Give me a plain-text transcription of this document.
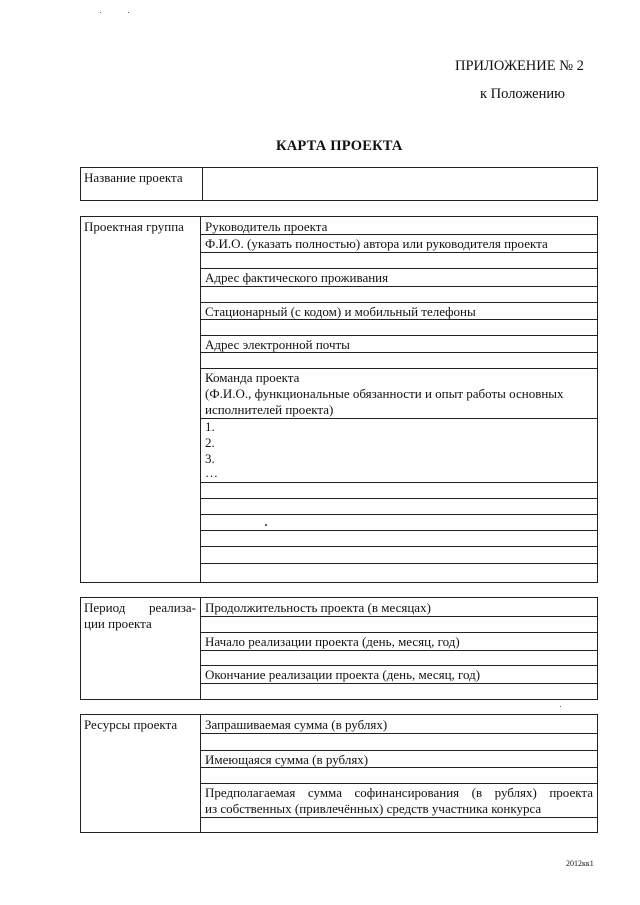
ПРИЛОЖЕНИЕ № 2
к Положению
КАРТА ПРОЕКТА
Название проекта
Проектная группа Руководитель проекта
Ф.И.О. (указать полностью) автора или руководителя проекта
Адрес фактического проживания
Стационарный (с кодом) и мобильный телефоны
Адрес электронной почты
Команда проекта
(Ф.И.О., функциональные обязанности и опыт работы основных
исполнителей проекта)
1.
2.
3.
…
Период реализа-
ции проекта
Продолжительность проекта (в месяцах)
Начало реализации проекта (день, месяц, год)
Окончание реализации проекта (день, месяц, год)
Ресурсы проекта Запрашиваемая сумма (в рублях)
Имеющаяся сумма (в рублях)
Предполагаемая сумма софинансирования (в рублях) проекта
из собственных (привлечённых) средств участника конкурса
2012кк1
